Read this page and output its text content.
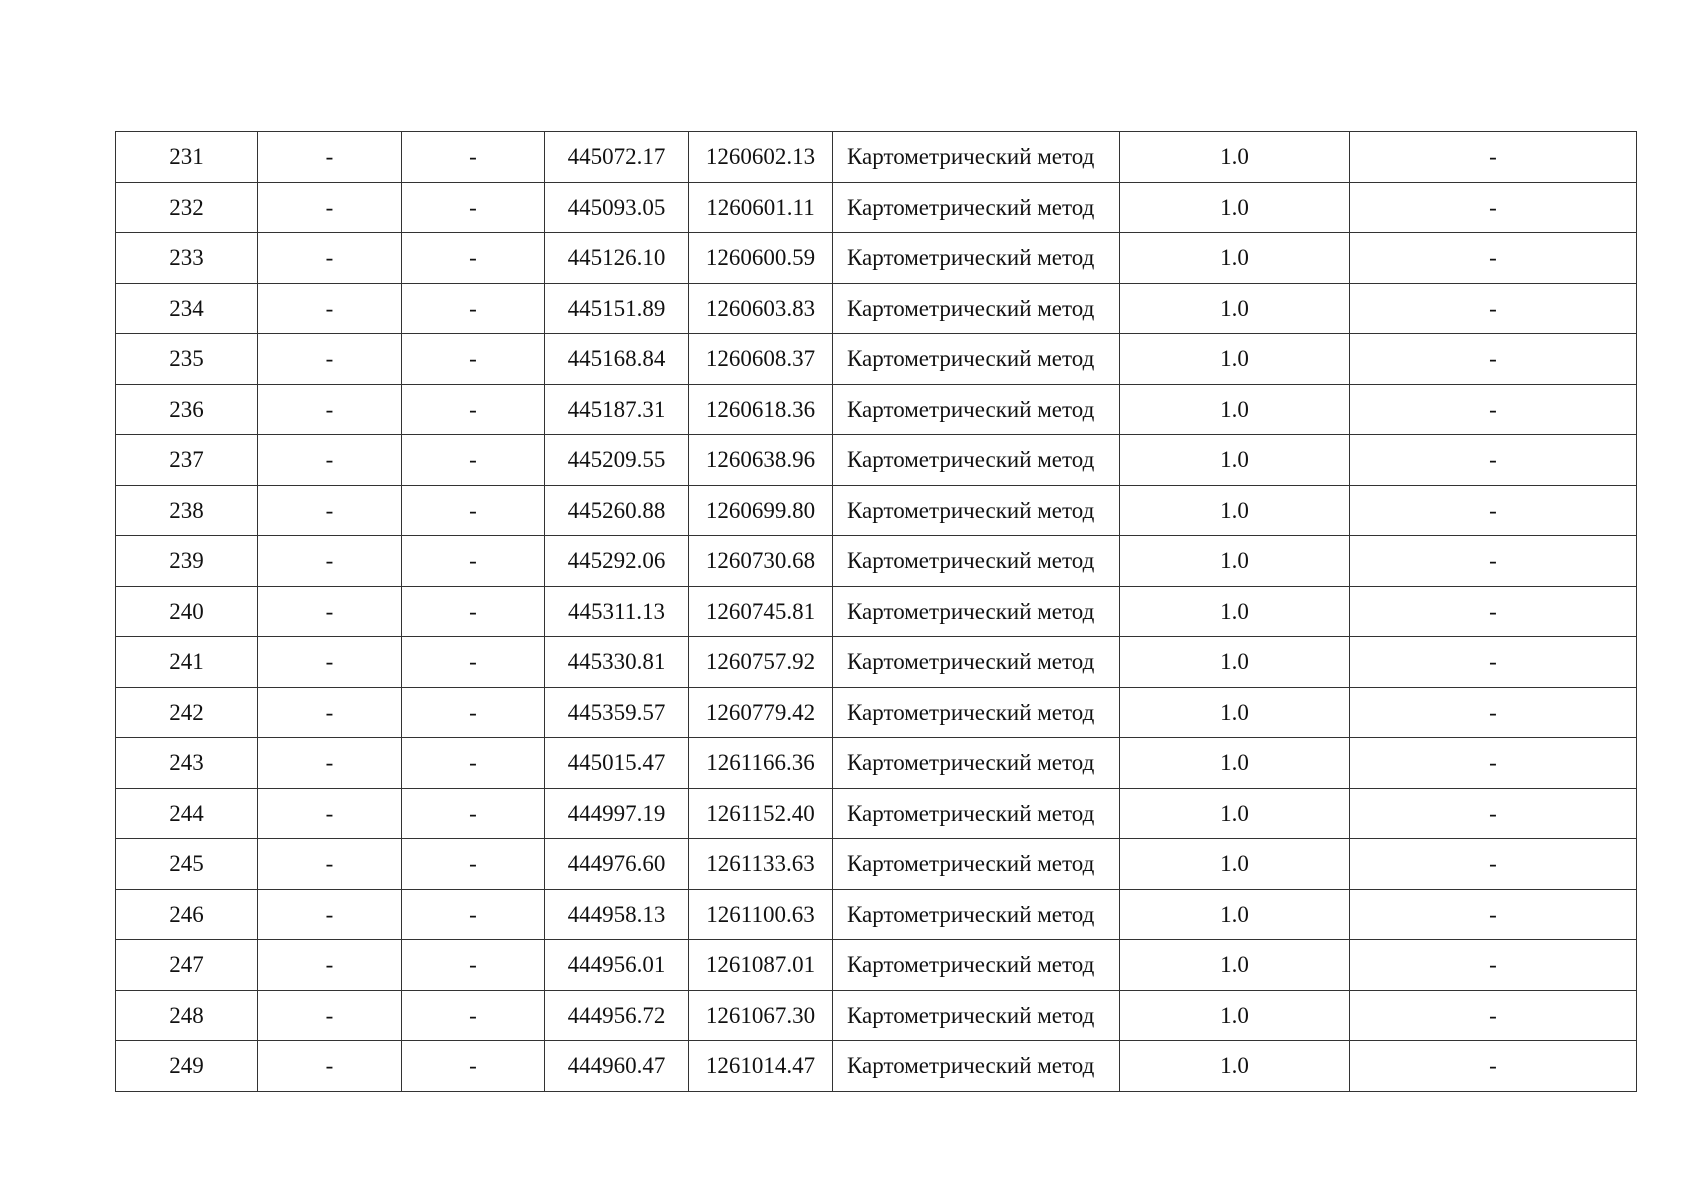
231	-	-	445072.17	1260602.13	Картометрический метод	1.0	-
232	-	-	445093.05	1260601.11	Картометрический метод	1.0	-
233	-	-	445126.10	1260600.59	Картометрический метод	1.0	-
234	-	-	445151.89	1260603.83	Картометрический метод	1.0	-
235	-	-	445168.84	1260608.37	Картометрический метод	1.0	-
236	-	-	445187.31	1260618.36	Картометрический метод	1.0	-
237	-	-	445209.55	1260638.96	Картометрический метод	1.0	-
238	-	-	445260.88	1260699.80	Картометрический метод	1.0	-
239	-	-	445292.06	1260730.68	Картометрический метод	1.0	-
240	-	-	445311.13	1260745.81	Картометрический метод	1.0	-
241	-	-	445330.81	1260757.92	Картометрический метод	1.0	-
242	-	-	445359.57	1260779.42	Картометрический метод	1.0	-
243	-	-	445015.47	1261166.36	Картометрический метод	1.0	-
244	-	-	444997.19	1261152.40	Картометрический метод	1.0	-
245	-	-	444976.60	1261133.63	Картометрический метод	1.0	-
246	-	-	444958.13	1261100.63	Картометрический метод	1.0	-
247	-	-	444956.01	1261087.01	Картометрический метод	1.0	-
248	-	-	444956.72	1261067.30	Картометрический метод	1.0	-
249	-	-	444960.47	1261014.47	Картометрический метод	1.0	-
